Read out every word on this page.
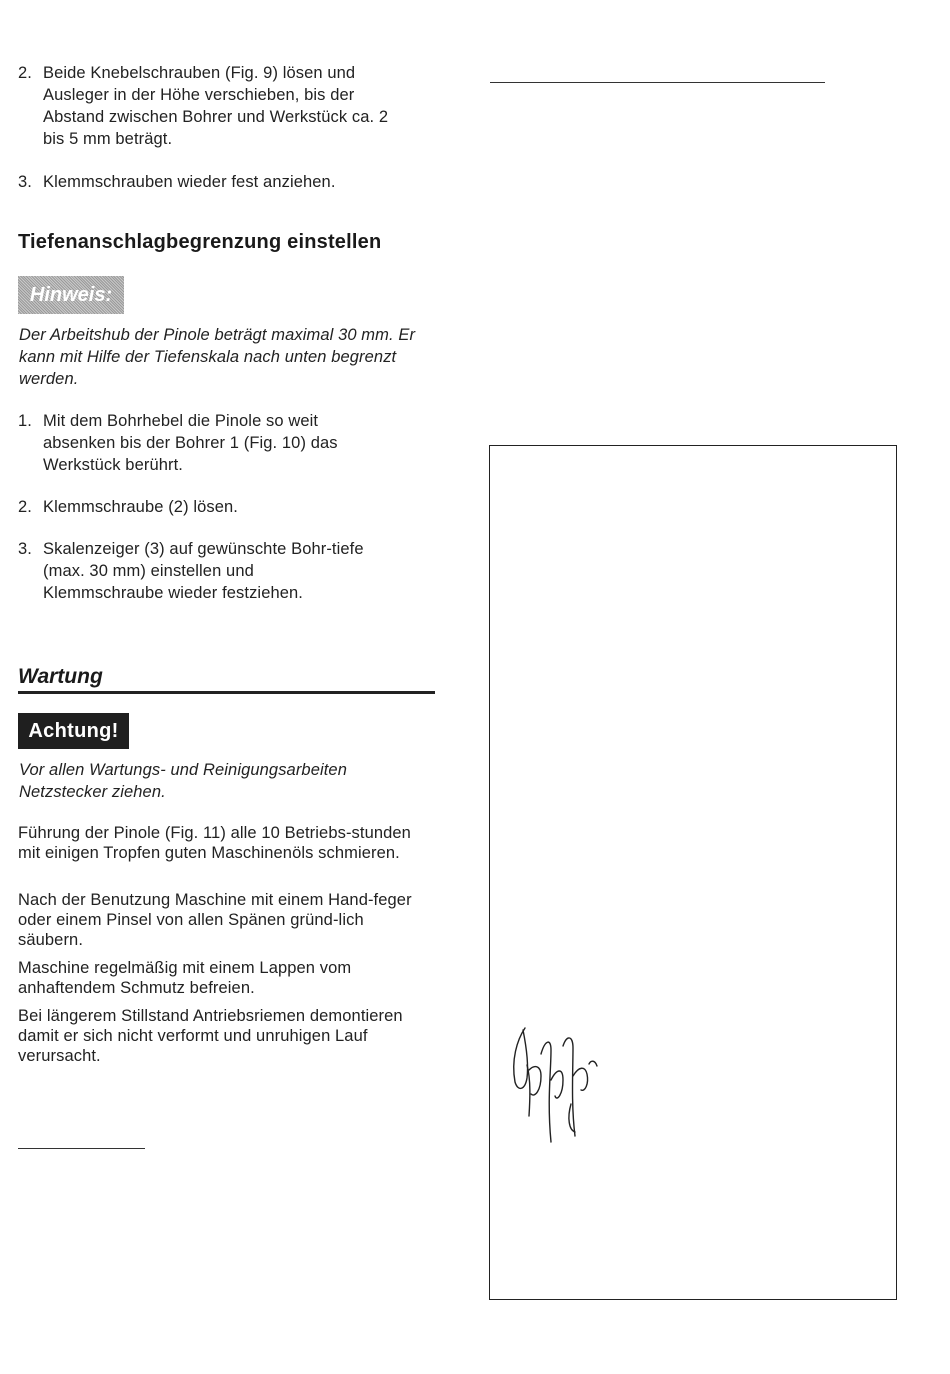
2. Beide Knebelschrauben (Fig. 9) lösen und Ausleger in der Höhe verschieben, bis der Abstand zwischen Bohrer und Werkstück ca. 2 bis 5 mm beträgt.
3. Klemmschrauben wieder fest anziehen.
Tiefenanschlagbegrenzung einstellen
Hinweis:
Der Arbeitshub der Pinole beträgt maximal 30 mm. Er kann mit Hilfe der Tiefenskala nach unten begrenzt werden.
1. Mit dem Bohrhebel die Pinole so weit absenken bis der Bohrer 1 (Fig. 10) das Werkstück berührt.
2. Klemmschraube (2) lösen.
3. Skalenzeiger (3) auf gewünschte Bohr-tiefe (max. 30 mm) einstellen und Klemmschraube wieder festziehen.
Wartung
Achtung!
Vor allen Wartungs- und Reinigungsarbeiten Netzstecker ziehen.
Führung der Pinole (Fig. 11) alle 10 Betriebs-stunden mit einigen Tropfen guten Maschinenöls schmieren.
Nach der Benutzung Maschine mit einem Hand-feger oder einem Pinsel von allen Spänen gründ-lich säubern.
Maschine regelmäßig mit einem Lappen vom anhaftendem Schmutz befreien.
Bei längerem Stillstand Antriebsriemen demontieren damit er sich nicht verformt und unruhigen Lauf verursacht.
